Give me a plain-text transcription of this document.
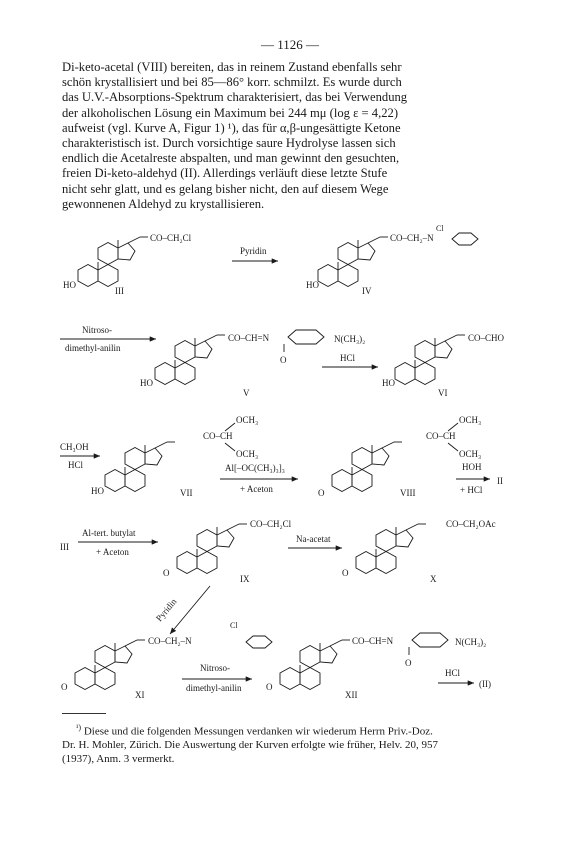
— 1126 —

Di-keto-acetal (VIII) bereiten, das in reinem Zustand ebenfalls sehr
schön krystallisiert und bei 85—86° korr. schmilzt. Es wurde durch
das U.V.-Absorptions-Spektrum charakterisiert, das bei Verwendung
der alkoholischen Lösung ein Maximum bei 244 mμ (log ε = 4,22)
aufweist (vgl. Kurve A, Figur 1) ¹), das für α,β-ungesättigte Ketone
charakteristisch ist. Durch vorsichtige saure Hydrolyse lassen sich
endlich die Acetalreste abspalten, und man gewinnt den gesuchten,
freien Di-keto-aldehyd (II). Allerdings verläuft diese letzte Stufe
nicht sehr glatt, und es gelang bisher nicht, den auf diesem Wege
gewonnenen Aldehyd zu krystallisieren.

CO–CH₂Cl
HO
III
Pyridin
CO–CH₂–N
Cl
HO
IV
Nitroso-
dimethyl-anilin
CO–CH=N	N(CH₃)₂
O
HO
V
HCl
CO–CHO
HO
VI
CH₃OH
HCl
CO–CH
OCH₃
OCH₃
HO	VII
Al[–OC(CH₃)₃]₃
+ Aceton
CO–CH
OCH₃
OCH₃
O	VIII
HOH
+ HCl
II
III
Al-tert. butylat
+ Aceton
CO–CH₂Cl
O
IX
Na-acetat
CO–CH₂OAc
O
X
Pyridin
CO–CH₂–N
Cl
O
XI
Nitroso-
dimethyl-anilin
CO–CH=N	N(CH₃)₂
O
O
XII
HCl
(II)

$^{^1)}$ Diese und die folgenden Messungen verdanken wir wiederum Herrn Priv.-Doz.
Dr. H. Mohler, Zürich. Die Auswertung der Kurven erfolgte wie früher, Helv. 20, 957
(1937), Anm. 3 vermerkt.
